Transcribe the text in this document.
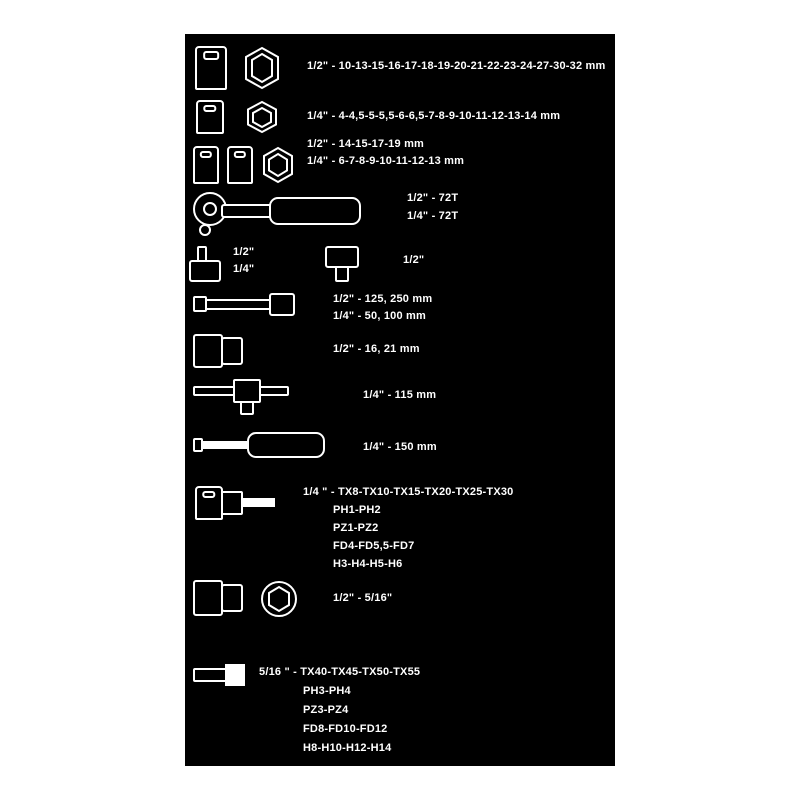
1/2" - 10-13-15-16-17-18-19-20-21-22-23-24-27-30-32 mm
1/4" - 4-4,5-5-5,5-6-6,5-7-8-9-10-11-12-13-14 mm
1/2" - 14-15-17-19 mm
1/4" - 6-7-8-9-10-11-12-13 mm
1/2" - 72T
1/4" - 72T
1/2"
1/4"
1/2"
1/2" - 125, 250 mm
1/4" - 50, 100 mm
1/2" - 16, 21 mm
1/4" - 115 mm
1/4" - 150 mm
1/4 " - TX8-TX10-TX15-TX20-TX25-TX30
PH1-PH2
PZ1-PZ2
FD4-FD5,5-FD7
H3-H4-H5-H6
1/2" - 5/16"
5/16 " - TX40-TX45-TX50-TX55
PH3-PH4
PZ3-PZ4
FD8-FD10-FD12
H8-H10-H12-H14
